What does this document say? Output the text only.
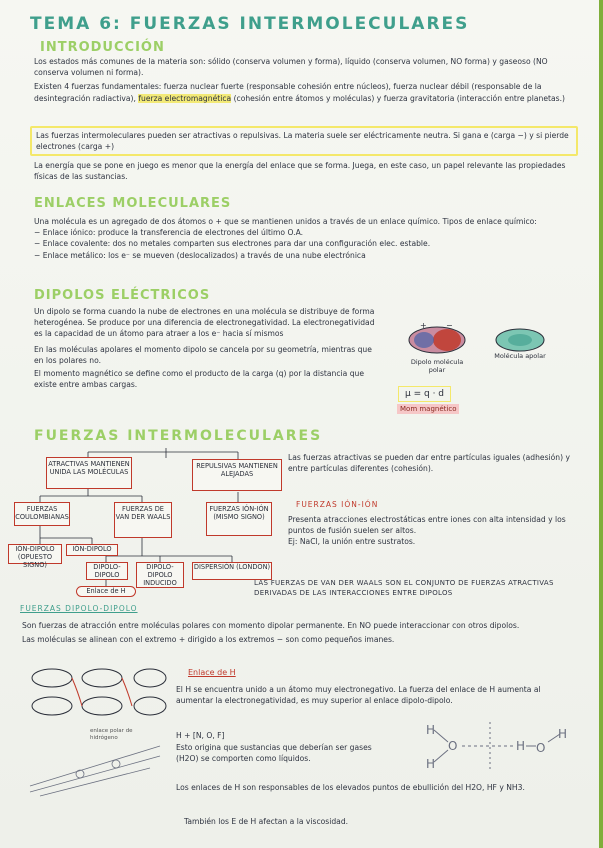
TEMA 6: FUERZAS INTERMOLECULARES
INTRODUCCIÓN

Los estados más comunes de la materia son: sólido (conserva volumen y forma), líquido (conserva volumen, NO forma) y gaseoso (NO conserva volumen ni forma).

Existen 4 fuerzas fundamentales: fuerza nuclear fuerte (responsable cohesión entre núcleos), fuerza nuclear débil (responsable de la desintegración radiactiva), fuerza electromagnética (cohesión entre átomos y moléculas) y fuerza gravitatoria (interacción entre planetas.)

Las fuerzas intermoleculares pueden ser atractivas o repulsivas. La materia suele ser eléctricamente neutra. Si gana e (carga −) y si pierde electrones (carga +)
La energía que se pone en juego es menor que la energía del enlace que se forma. Juega, en este caso, un papel relevante las propiedades físicas de las sustancias.
ENLACES MOLECULARES

Una molécula es un agregado de dos átomos o + que se mantienen unidos a través de un enlace químico. Tipos de enlace químico:

− Enlace iónico: produce la transferencia de electrones del último O.A.

− Enlace covalente: dos no metales comparten sus electrones para dar una configuración elec. estable.

− Enlace metálico: los e⁻ se mueven (deslocalizados) a través de una nube electrónica

DIPOLOS ELÉCTRICOS

Un dipolo se forma cuando la nube de electrones en una molécula se distribuye de forma heterogénea. Se produce por una diferencia de electronegatividad. La electronegatividad es la capacidad de un átomo para atraer a los e⁻ hacia sí mismos

En las moléculas apolares el momento dipolo se cancela por su geometría, mientras que en los polares no.

El momento magnético se define como el producto de la carga (q) por la distancia que existe entre ambas cargas.

+ −
Dipolo molécula polar
Molécula apolar
μ = q · d
Mom magnético
FUERZAS INTERMOLECULARES
ATRACTIVAS MANTIENEN UNIDA LAS MOLÉCULAS
REPULSIVAS MANTIENEN ALEJADAS
FUERZAS COULOMBIANAS
FUERZAS DE VAN DER WAALS
FUERZAS IÓN-IÓN (MISMO SIGNO)
IÓN-DIPOLO (OPUESTO SIGNO)
IÓN-DIPOLO
DIPOLO-DIPOLO
DIPOLO-DIPOLO INDUCIDO
DISPERSIÓN (LONDON)
Enlace de H
Las fuerzas atractivas se pueden dar entre partículas iguales (adhesión) y entre partículas diferentes (cohesión).
FUERZAS IÓN-IÓN

Presenta atracciones electrostáticas entre iones con alta intensidad y los puntos de fusión suelen ser altos.

Ej: NaCl, la unión entre sustratos.

LAS FUERZAS DE VAN DER WAALS SON EL CONJUNTO DE FUERZAS ATRACTIVAS DERIVADAS DE LAS INTERACCIONES ENTRE DIPOLOS
FUERZAS DIPOLO-DIPOLO

Son fuerzas de atracción entre moléculas polares con momento dipolar permanente. En NO puede interaccionar con otros dipolos.

Las moléculas se alinean con el extremo + dirigido a los extremos − son como pequeños imanes.

enlace polar de hidrógeno
Enlace de H
El H se encuentra unido a un átomo muy electronegativo. La fuerza del enlace de H aumenta al aumentar la electronegatividad, es muy superior al enlace dipolo-dipolo.
H + [N, O, F]
Esto origina que sustancias que deberían ser gases (H2O) se comporten como líquidos.
Los enlaces de H son responsables de los elevados puntos de ebullición del H2O, HF y NH3.
También los E de H afectan a la viscosidad.
H
O
H
H O
H
